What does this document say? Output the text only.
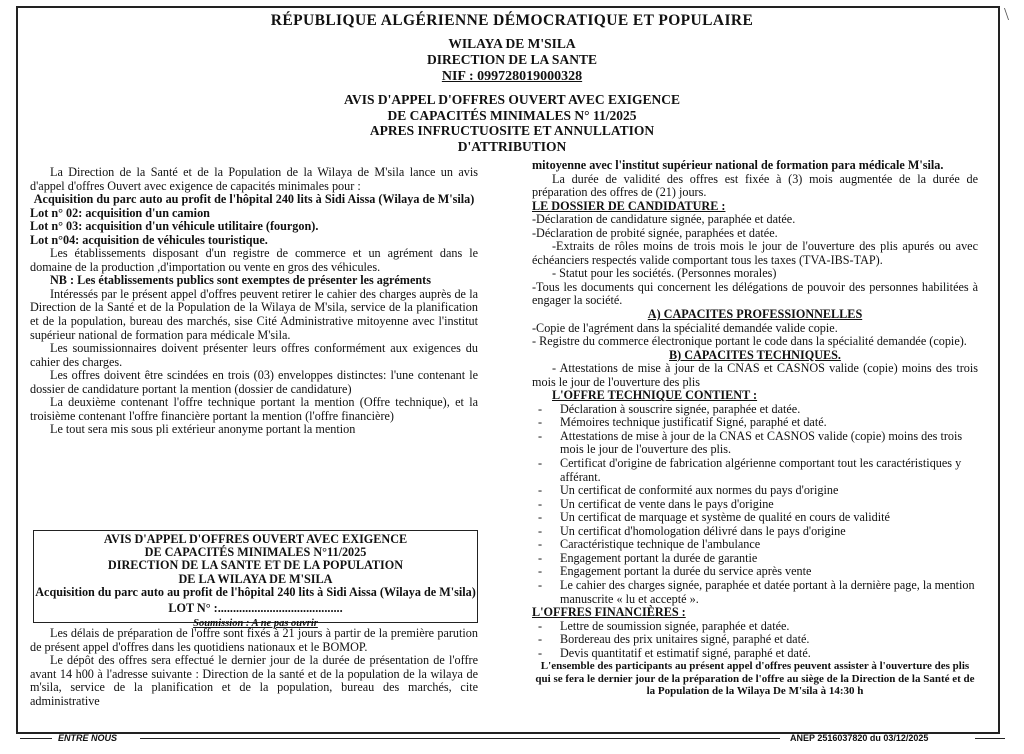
RÉPUBLIQUE ALGÉRIENNE DÉMOCRATIQUE ET POPULAIRE
WILAYA DE M'SILA
DIRECTION DE LA SANTE
NIF : 099728019000328
AVIS D'APPEL D'OFFRES OUVERT AVEC EXIGENCE
DE CAPACITÉS MINIMALES N° 11/2025
APRES INFRUCTUOSITE ET ANNULLATION
D'ATTRIBUTION

La Direction de la Santé et de la Population de la Wilaya de M'sila lance un avis d'appel d'offres Ouvert avec exigence de capacités minimales pour :

Acquisition du parc auto au profit de l'hôpital 240 lits à Sidi Aissa (Wilaya de M'sila)

Lot n° 02: acquisition d'un camion

Lot n° 03: acquisition d'un véhicule utilitaire (fourgon).

Lot n°04: acquisition de véhicules touristique.

Les établissements disposant d'un registre de commerce et un agrément dans le domaine de la production ,d'importation ou vente en gros des véhicules.

NB : Les établissements publics sont exemptes de présenter les agréments

Intéressés par le présent appel d'offres peuvent retirer le cahier des charges auprès de la Direction de la Santé et de la Population de la Wilaya de M'sila, service de la planification et de la population, bureau des marchés, sise Cité Administrative mitoyenne avec l'institut supérieur national de formation para médicale M'sila.

Les soumissionnaires doivent présenter leurs offres conformément aux exigences du cahier des charges.

Les offres doivent être scindées en trois (03) enveloppes distinctes: l'une contenant le dossier de candidature portant la mention (dossier de candidature)

La deuxième contenant l'offre technique portant la mention (Offre technique), et la troisième contenant l'offre financière portant la mention (l'offre financière)

Le tout sera mis sous pli extérieur anonyme portant la mention

AVIS D'APPEL D'OFFRES OUVERT AVEC EXIGENCE
DE CAPACITÉS MINIMALES N°11/2025
DIRECTION DE LA SANTE ET DE LA POPULATION
DE LA WILAYA DE M'SILA
Acquisition du parc auto au profit de l'hôpital 240 lits à Sidi Aissa (Wilaya de M'sila)
LOT N° :.........................................
Soumission : A ne pas ouvrir

Les délais de préparation de l'offre sont fixés à 21 jours à partir de la première parution de présent appel d'offres dans les quotidiens nationaux et le BOMOP.

Le dépôt des offres sera effectué le dernier jour de la durée de présentation de l'offre avant 14 h00 à l'adresse suivante : Direction de la santé et de la population de la wilaya de m'sila, service de la planification et de la population, bureau des marchés, cite administrative

mitoyenne avec l'institut supérieur national de formation para médicale M'sila.

La durée de validité des offres est fixée à (3) mois augmentée de la durée de préparation des offres de (21) jours.

LE DOSSIER DE CANDIDATURE :

-Déclaration de candidature signée, paraphée et datée.

-Déclaration de probité signée, paraphées et datée.

-Extraits de rôles moins de trois mois le jour de l'ouverture des plis apurés ou avec échéanciers respectés valide comportant tous les taxes (TVA-IBS-TAP).

- Statut pour les sociétés. (Personnes morales)

-Tous les documents qui concernent les délégations de pouvoir des personnes habilitées à engager la société.

A) CAPACITES PROFESSIONNELLES

-Copie de l'agrément dans la spécialité demandée valide copie.

- Registre du commerce électronique portant le code dans la spécialité demandée (copie).

B) CAPACITES TECHNIQUES.

- Attestations de mise à jour de la CNAS et CASNOS valide (copie) moins des trois mois le jour de l'ouverture des plis

L'OFFRE TECHNIQUE CONTIENT :

- Déclaration à souscrire signée, paraphée et datée.
- Mémoires technique justificatif Signé, paraphé et daté.
- Attestations de mise à jour de la CNAS et CASNOS valide (copie) moins des trois mois le jour de l'ouverture des plis.
- Certificat d'origine de fabrication algérienne comportant tout les caractéristiques y afférant.
- Un certificat de conformité aux normes du pays d'origine
- Un certificat de vente dans le pays d'origine
- Un certificat de marquage et système de qualité en cours de validité
- Un certificat d'homologation délivré dans le pays d'origine
- Caractéristique technique de l'ambulance
- Engagement portant la durée de garantie
- Engagement portant la durée du service après vente
- Le cahier des charges signée, paraphée et datée portant à la dernière page, la mention manuscrite « lu et accepté ».

L'OFFRES FINANCIÈRES :

- Lettre de soumission signée, paraphée et datée.
- Bordereau des prix unitaires signé, paraphé et daté.
- Devis quantitatif et estimatif signé, paraphé et daté.

L'ensemble des participants au présent appel d'offres peuvent assister à l'ouverture des plis qui se fera le dernier jour de la préparation de l'offre au siège de la Direction de la Santé et de la Population de la Wilaya De M'sila à 14:30 h

ENTRE NOUS	ANEP 2516037820 du 03/12/2025
\
